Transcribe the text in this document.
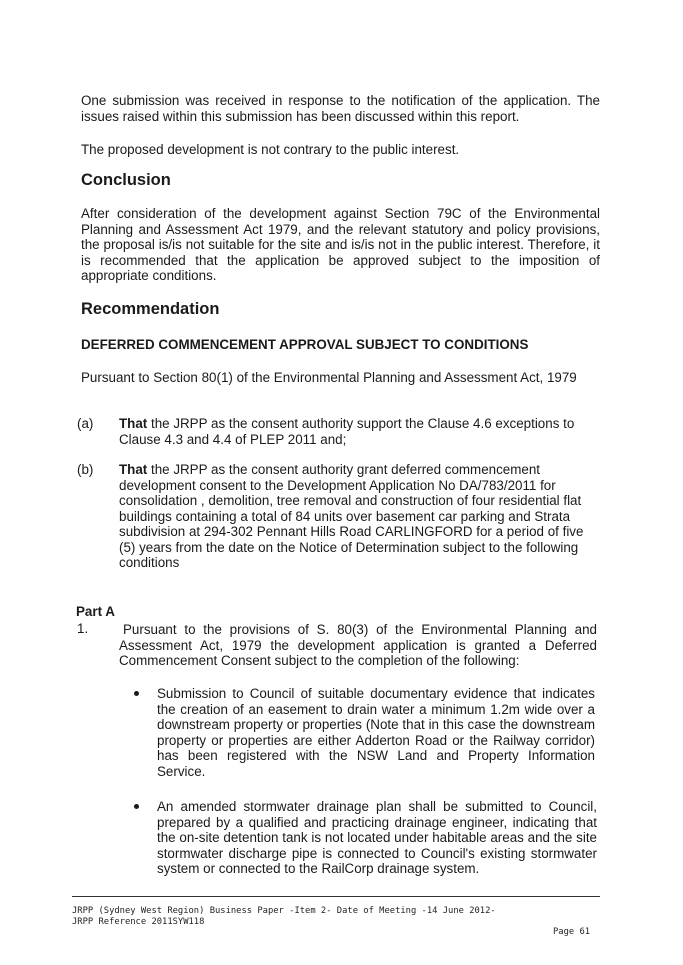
One submission was received in response to the notification of the application. The issues raised within this submission has been discussed within this report.

The proposed development is not contrary to the public interest.

Conclusion

After consideration of the development against Section 79C of the Environmental Planning and Assessment Act 1979, and the relevant statutory and policy provisions, the proposal is/is not suitable for the site and is/is not in the public interest. Therefore, it is recommended that the application be approved subject to the imposition of appropriate conditions.

Recommendation

DEFERRED COMMENCEMENT APPROVAL SUBJECT TO CONDITIONS

Pursuant to Section 80(1) of the Environmental Planning and Assessment Act, 1979

(a) That the JRPP as the consent authority support the Clause 4.6 exceptions to Clause 4.3 and 4.4 of PLEP 2011 and;

(b) That the JRPP as the consent authority grant deferred commencement development consent to the Development Application No DA/783/2011 for consolidation , demolition, tree removal and construction of four residential flat buildings containing a total of 84 units over basement car parking and Strata subdivision at 294-302 Pennant Hills Road CARLINGFORD for a period of five (5) years from the date on the Notice of Determination subject to the following conditions

Part A
1.	Pursuant to the provisions of S. 80(3) of the Environmental Planning and Assessment Act, 1979 the development application is granted a Deferred Commencement Consent subject to the completion of the following:

Submission to Council of suitable documentary evidence that indicates the creation of an easement to drain water a minimum 1.2m wide over a downstream property or properties (Note that in this case the downstream property or properties are either Adderton Road or the Railway corridor) has been registered with the NSW Land and Property Information Service.

An amended stormwater drainage plan shall be submitted to Council, prepared by a qualified and practicing drainage engineer, indicating that the on-site detention tank is not located under habitable areas and the site stormwater discharge pipe is connected to Council's existing stormwater system or connected to the RailCorp drainage system.

JRPP (Sydney West Region) Business Paper -Item 2- Date of Meeting -14 June 2012-
JRPP Reference 2011SYW118
Page 61
